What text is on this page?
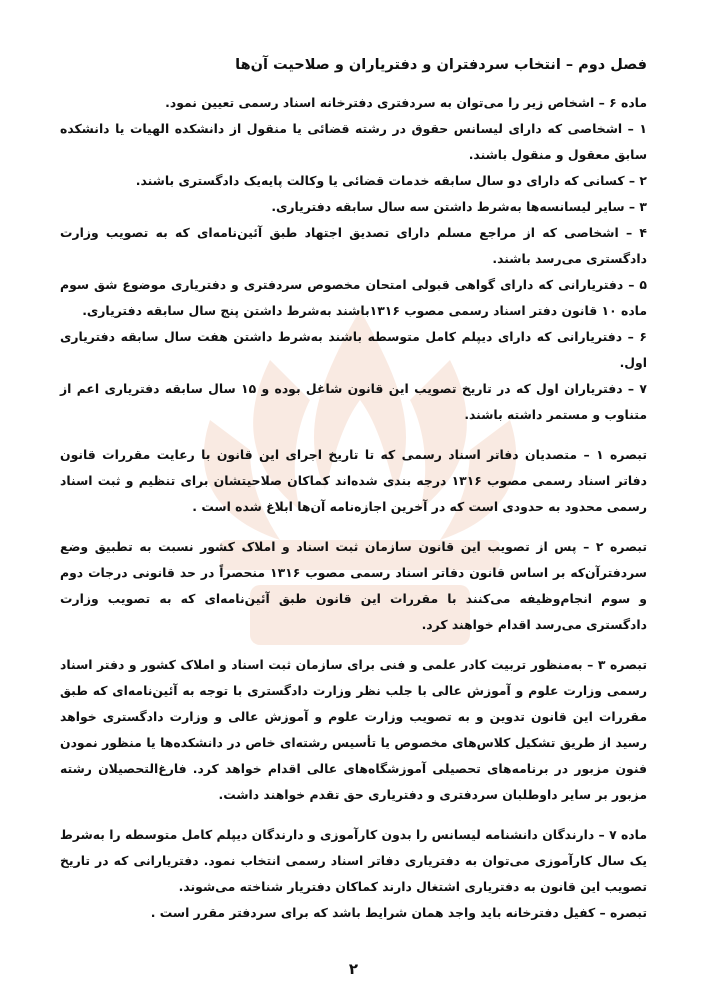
فصل دوم – انتخاب سردفتران و دفتریاران و صلاحیت آن‌ها

ماده ۶ – اشخاص زیر را می‌توان به سردفتری دفترخانه اسناد رسمی تعیین نمود.

۱ – اشخاصی که دارای لیسانس حقوق در رشته قضائی یا منقول از دانشکده الهیات یا دانشکده سابق معقول و منقول باشند.

۲ – کسانی که دارای دو سال سابقه خدمات قضائی یا وکالت پایه‌یک دادگستری باشند.

۳ – سایر لیسانسه‌ها به‌شرط داشتن سه سال سابقه دفتریاری.

۴ – اشخاصی که از مراجع مسلم دارای تصدیق اجتهاد طبق آئین‌نامه‌ای که به تصویب وزارت دادگستری می‌رسد باشند.

۵ – دفتریارانی که دارای گواهی قبولی امتحان مخصوص سردفتری و دفتریاری موضوع شق سوم ماده ۱۰ قانون دفتر اسناد رسمی مصوب ۱۳۱۶باشند به‌شرط داشتن پنج سال سابقه دفتریاری.

۶ – دفتریارانی که دارای دیپلم کامل متوسطه باشند به‌شرط داشتن هفت سال سابقه دفتریاری اول.

۷ – دفتریاران اول که در تاریخ تصویب این قانون شاغل بوده و ۱۵ سال سابقه دفتریاری اعم از متناوب و مستمر داشته باشند.

تبصره ۱ – متصدیان دفاتر اسناد رسمی که تا تاریخ اجرای این قانون با رعایت مقررات قانون دفاتر اسناد رسمی مصوب ۱۳۱۶ درجه بندی شده‌اند کماکان صلاحیتشان برای تنظیم و ثبت اسناد رسمی محدود به حدودی است که در آخرین اجازه‌نامه آن‌ها ابلاغ شده است .

تبصره ۲ – پس از تصویب این قانون سازمان ثبت اسناد و املاک کشور نسبت به تطبیق وضع سردفترآن‌که بر اساس قانون دفاتر اسناد رسمی مصوب ۱۳۱۶ منحصراً در حد قانونی درجات دوم و سوم انجام‌وظیفه می‌کنند با مقررات این قانون طبق آئین‌نامه‌ای که به تصویب وزارت دادگستری می‌رسد اقدام خواهند کرد.

تبصره ۳ – به‌منظور تربیت کادر علمی و فنی برای سازمان ثبت اسناد و املاک کشور و دفتر اسناد رسمی وزارت علوم و آموزش عالی با جلب نظر وزارت دادگستری با توجه به آئین‌نامه‌ای که طبق مقررات این قانون تدوین و به تصویب وزارت علوم و آموزش عالی و وزارت دادگستری خواهد رسید از طریق تشکیل کلاس‌های مخصوص یا تأسیس رشته‌ای خاص در دانشکده‌ها یا منظور نمودن فنون مزبور در برنامه‌های تحصیلی آموزشگاه‌های عالی اقدام خواهد کرد. فارغ‌التحصیلان رشته مزبور بر سایر داوطلبان سردفتری و دفتریاری حق تقدم خواهند داشت.

ماده ۷ – دارندگان دانشنامه لیسانس را بدون کارآموزی و دارندگان دیپلم کامل متوسطه را به‌شرط یک سال کارآموزی می‌توان به دفتریاری دفاتر اسناد رسمی انتخاب نمود. دفتریارانی که در تاریخ تصویب این قانون به دفتریاری اشتغال دارند کماکان دفتریار شناخته می‌شوند.

تبصره – کفیل دفترخانه باید واجد همان شرایط باشد که برای سردفتر مقرر است .

۲
